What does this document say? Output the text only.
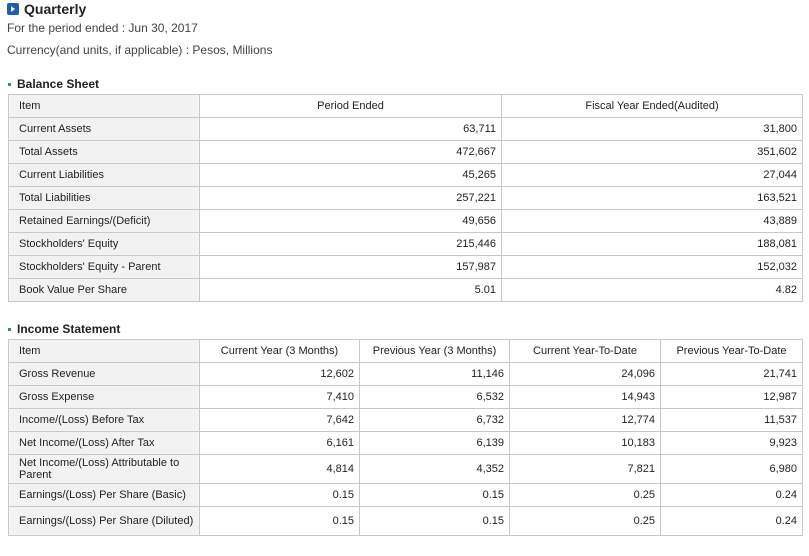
Quarterly
For the period ended : Jun 30, 2017
Currency(and units, if applicable) : Pesos, Millions
Balance Sheet
Item	Period Ended	Fiscal Year Ended(Audited)
Current Assets	63,711	31,800
Total Assets	472,667	351,602
Current Liabilities	45,265	27,044
Total Liabilities	257,221	163,521
Retained Earnings/(Deficit)	49,656	43,889
Stockholders' Equity	215,446	188,081
Stockholders' Equity - Parent	157,987	152,032
Book Value Per Share	5.01	4.82
Income Statement
Item	Current Year (3 Months)	Previous Year (3 Months)	Current Year-To-Date	Previous Year-To-Date
Gross Revenue	12,602	11,146	24,096	21,741
Gross Expense	7,410	6,532	14,943	12,987
Income/(Loss) Before Tax	7,642	6,732	12,774	11,537
Net Income/(Loss) After Tax	6,161	6,139	10,183	9,923
Net Income/(Loss) Attributable to Parent	4,814	4,352	7,821	6,980
Earnings/(Loss) Per Share (Basic)	0.15	0.15	0.25	0.24
Earnings/(Loss) Per Share (Diluted)	0.15	0.15	0.25	0.24
